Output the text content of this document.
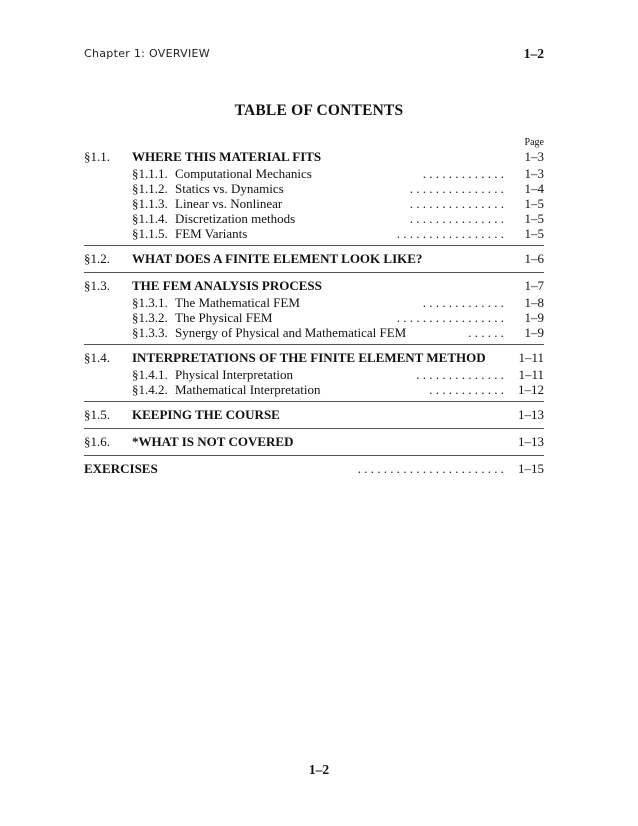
Chapter 1: OVERVIEW	1–2
TABLE OF CONTENTS
Page
§1.1. WHERE THIS MATERIAL FITS	1–3
§1.1.1. Computational Mechanics	. . . . . . . . . . . . . 1–3
§1.1.2. Statics vs. Dynamics	. . . . . . . . . . . . . . . 1–4
§1.1.3. Linear vs. Nonlinear	. . . . . . . . . . . . . . . 1–5
§1.1.4. Discretization methods	. . . . . . . . . . . . . . . 1–5
§1.1.5. FEM Variants	. . . . . . . . . . . . . . . . . 1–5
§1.2. WHAT DOES A FINITE ELEMENT LOOK LIKE?	1–6
§1.3. THE FEM ANALYSIS PROCESS	1–7
§1.3.1. The Mathematical FEM	. . . . . . . . . . . . . 1–8
§1.3.2. The Physical FEM	. . . . . . . . . . . . . . . . . 1–9
§1.3.3. Synergy of Physical and Mathematical FEM	. . . . . . 1–9
§1.4. INTERPRETATIONS OF THE FINITE ELEMENT METHOD	1–11
§1.4.1. Physical Interpretation	. . . . . . . . . . . . . . 1–11
§1.4.2. Mathematical Interpretation	. . . . . . . . . . . . 1–12
§1.5. KEEPING THE COURSE	1–13
§1.6. *WHAT IS NOT COVERED	1–13
EXERCISES	. . . . . . . . . . . . . . . . . . . . . . . 1–15
1–2
